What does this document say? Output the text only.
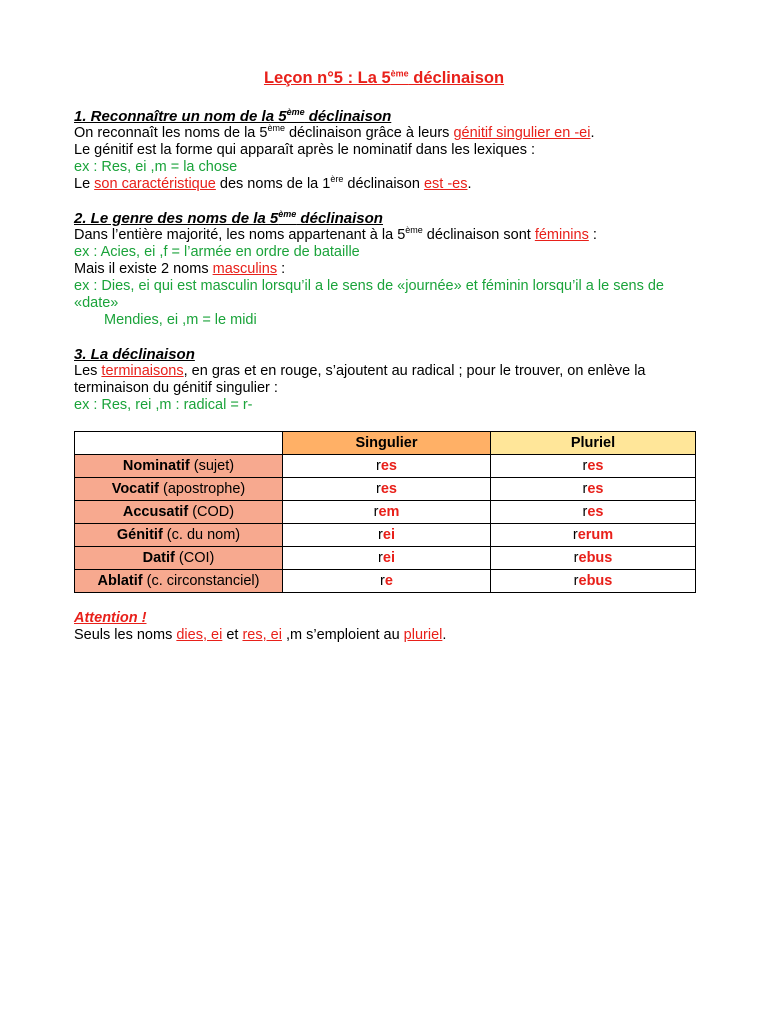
Leçon n°5 : La 5ème déclinaison
1. Reconnaître un nom de la 5ème déclinaison

On reconnaît les noms de la 5ème déclinaison grâce à leurs génitif singulier en -ei.

Le génitif est la forme qui apparaît après le nominatif dans les lexiques :

ex : Res, ei ,m = la chose

Le son caractéristique des noms de la 1ère déclinaison est -es.

2. Le genre des noms de la 5ème déclinaison

Dans l’entière majorité, les noms appartenant à la 5ème déclinaison sont féminins :

ex : Acies, ei ,f = l’armée en ordre de bataille

Mais il existe 2 noms masculins :

ex : Dies, ei qui est masculin lorsqu’il a le sens de «journée» et féminin lorsqu’il a le sens de «date»

Mendies, ei ,m = le midi

3. La déclinaison

Les terminaisons, en gras et en rouge, s’ajoutent au radical ; pour le trouver, on enlève la terminaison du génitif singulier :

ex : Res, rei ,m : radical = r-

	Singulier	Pluriel
Nominatif (sujet)	res	res
Vocatif (apostrophe)	res	res
Accusatif (COD)	rem	res
Génitif (c. du nom)	rei	rerum
Datif (COI)	rei	rebus
Ablatif (c. circonstanciel)	re	rebus
Attention !

Seuls les noms dies, ei et res, ei ,m s’emploient au pluriel.
